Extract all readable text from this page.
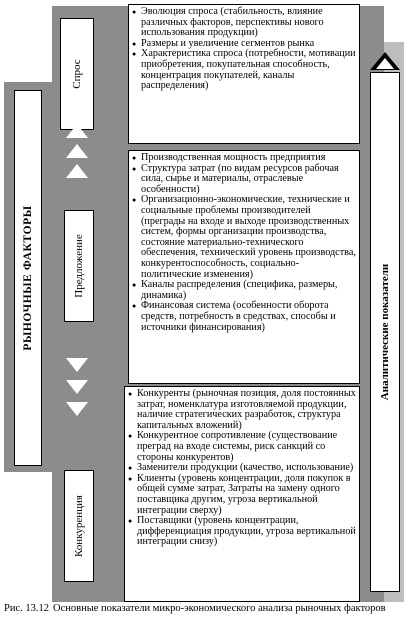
РЫНОЧНЫЕ ФАКТОРЫ	Аналитические показатели
Спрос
Предложение
Конкуренция
● Эволюция спроса (стабильность, влияние различных факторов, перспективы нового использования продукции)
● Размеры и увеличение сегментов рынка
● Характеристика спроса (потребности, мотивации приобретения, покупательная способность, концентрация покупателей, каналы распределения)
● Производственная мощность предприятия
● Структура затрат (по видам ресурсов рабочая сила, сырье и материалы, отраслевые особенности)
● Организационно-экономические, технические и социальные проблемы производителей (преграды на входе и выходе производственных систем, формы организации производства, состояние материально-технического обеспечения, технический уровень производства, конкурентоспособность, социально-политические изменения)
● Каналы распределения (специфика, размеры, динамика)
● Финансовая система (особенности оборота средств, потребность в средствах, способы и источники финансирования)
● Конкуренты (рыночная позиция, доля постоянных затрат, номенклатура изготовляемой продукции, наличие стратегических разработок, структура капитальных вложений)
● Конкурентное сопротивление (существование преград на входе системы, риск санкций со стороны конкурентов)
● Заменители продукции (качество, использование)
● Клиенты (уровень концентрации, доля покупок в общей сумме затрат, Затраты на замену одного поставщика другим, угроза вертикальной интеграции сверху)
● Поставщики (уровень концентрации, дифференциация продукции, угроза вертикальной интеграции снизу)
Рис. 13.12 Основные показатели микро-экономического анализа рыночных факторов
